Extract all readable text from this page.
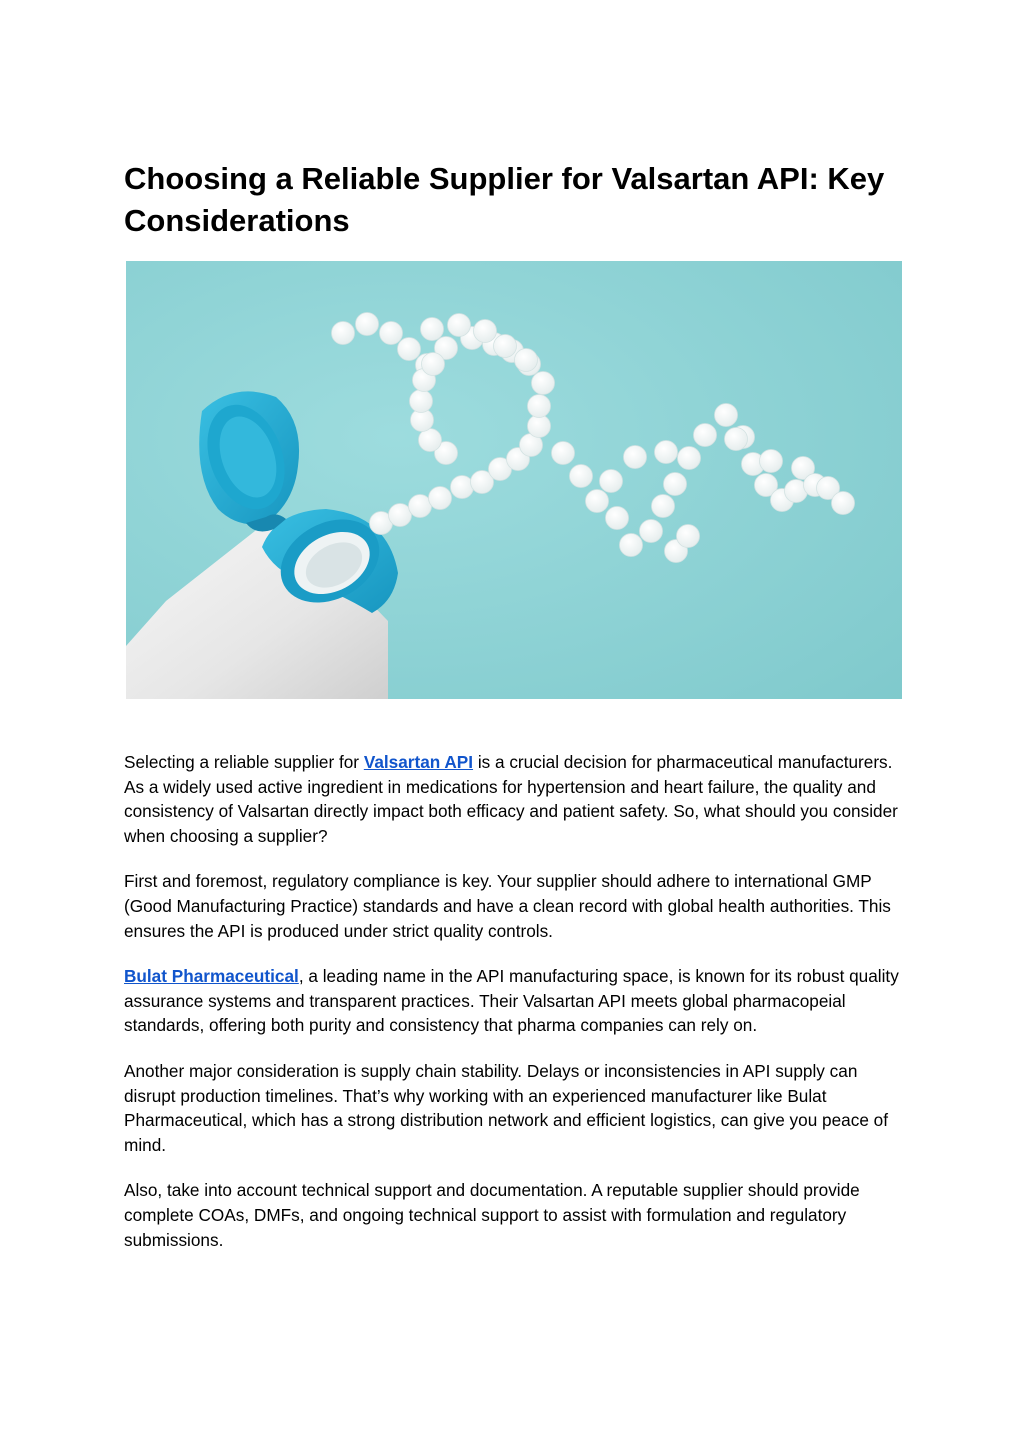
Choosing a Reliable Supplier for Valsartan API: Key Considerations

Selecting a reliable supplier for Valsartan API is a crucial decision for pharmaceutical manufacturers. As a widely used active ingredient in medications for hypertension and heart failure, the quality and consistency of Valsartan directly impact both efficacy and patient safety. So, what should you consider when choosing a supplier?

First and foremost, regulatory compliance is key. Your supplier should adhere to international GMP (Good Manufacturing Practice) standards and have a clean record with global health authorities. This ensures the API is produced under strict quality controls.

Bulat Pharmaceutical, a leading name in the API manufacturing space, is known for its robust quality assurance systems and transparent practices. Their Valsartan API meets global pharmacopeial standards, offering both purity and consistency that pharma companies can rely on.

Another major consideration is supply chain stability. Delays or inconsistencies in API supply can disrupt production timelines. That’s why working with an experienced manufacturer like Bulat Pharmaceutical, which has a strong distribution network and efficient logistics, can give you peace of mind.

Also, take into account technical support and documentation. A reputable supplier should provide complete COAs, DMFs, and ongoing technical support to assist with formulation and regulatory submissions.
